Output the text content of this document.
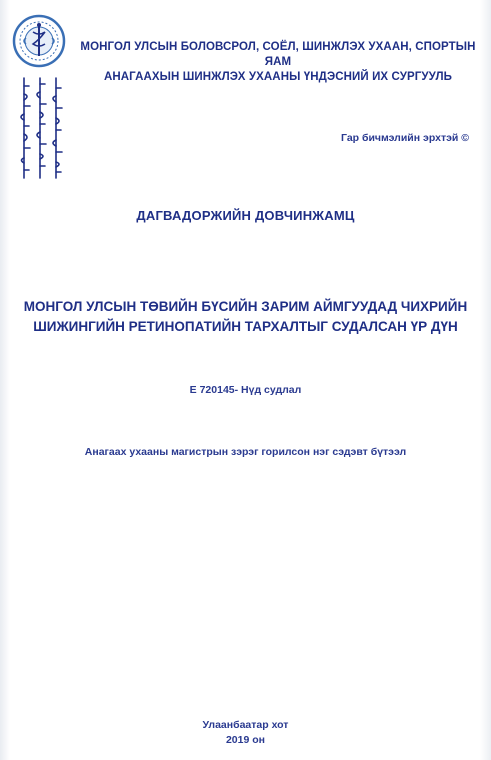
МОНГОЛ УЛСЫН БОЛОВСРОЛ, СОЁЛ, ШИНЖЛЭХ УХААН, СПОРТЫН ЯАМ
АНАГААХЫН ШИНЖЛЭХ УХААНЫ ҮНДЭСНИЙ ИХ СУРГУУЛЬ
Гар бичмэлийн эрхтэй ©
ДАГВАДОРЖИЙН ДОВЧИНЖАМЦ
МОНГОЛ УЛСЫН ТӨВИЙН БҮСИЙН ЗАРИМ АЙМГУУДАД ЧИХРИЙН
ШИЖИНГИЙН РЕТИНОПАТИЙН ТАРХАЛТЫГ СУДАЛСАН ҮР ДҮН
Е 720145- Нүд судлал
Анагаах ухааны магистрын зэрэг горилсон нэг сэдэвт бүтээл
Улаанбаатар хот
2019 он
